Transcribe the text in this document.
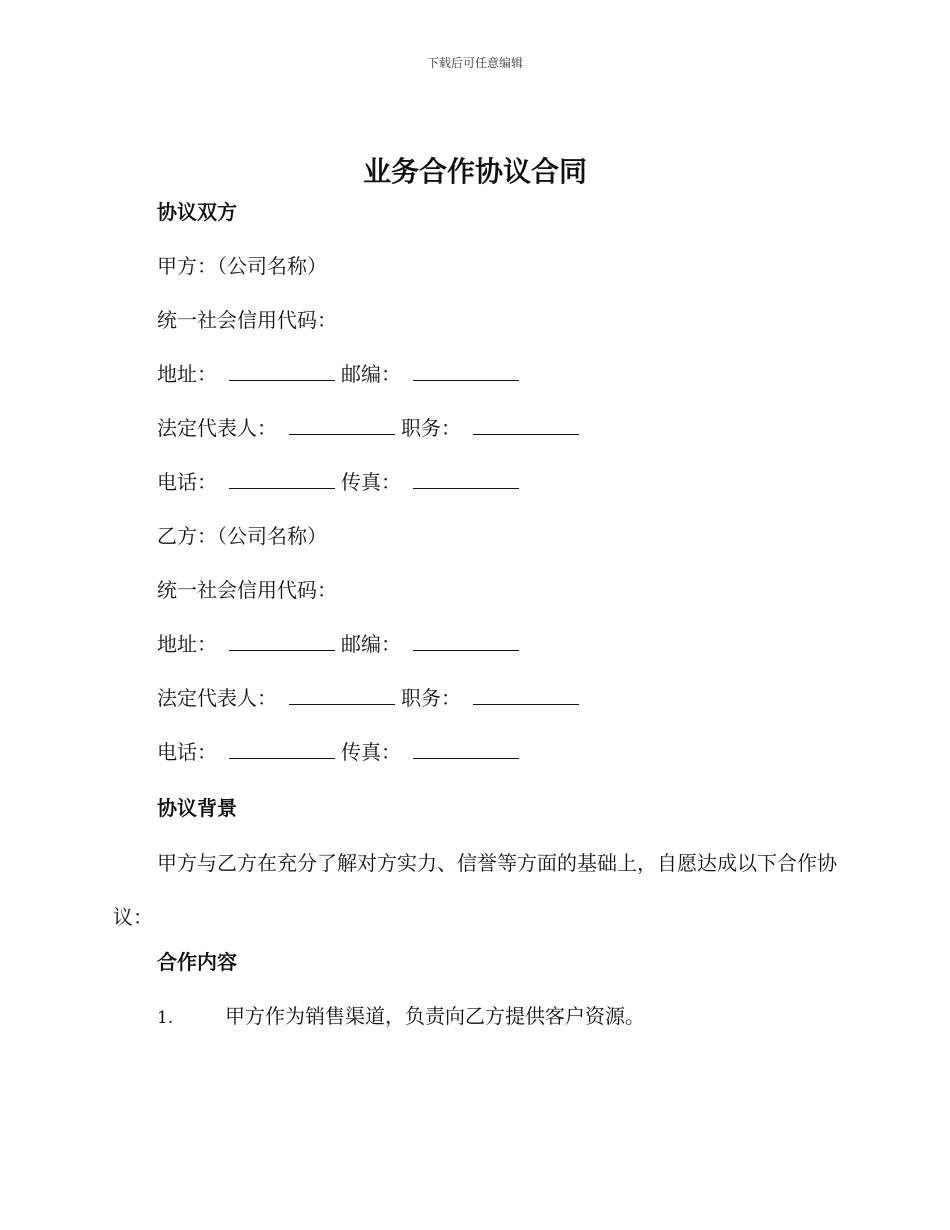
下载后可任意编辑
业务合作协议合同
协议双方
甲方：（公司名称）
统一社会信用代码：
地址：	邮编：
法定代表人：	职务：
电话：	传真：
乙方：（公司名称）
统一社会信用代码：
地址：	邮编：
法定代表人：	职务：
电话：	传真：
协议背景
甲方与乙方在充分了解对方实力、信誉等方面的基础上，自愿达成以下合作协议：
合作内容
1.	甲方作为销售渠道，负责向乙方提供客户资源。
